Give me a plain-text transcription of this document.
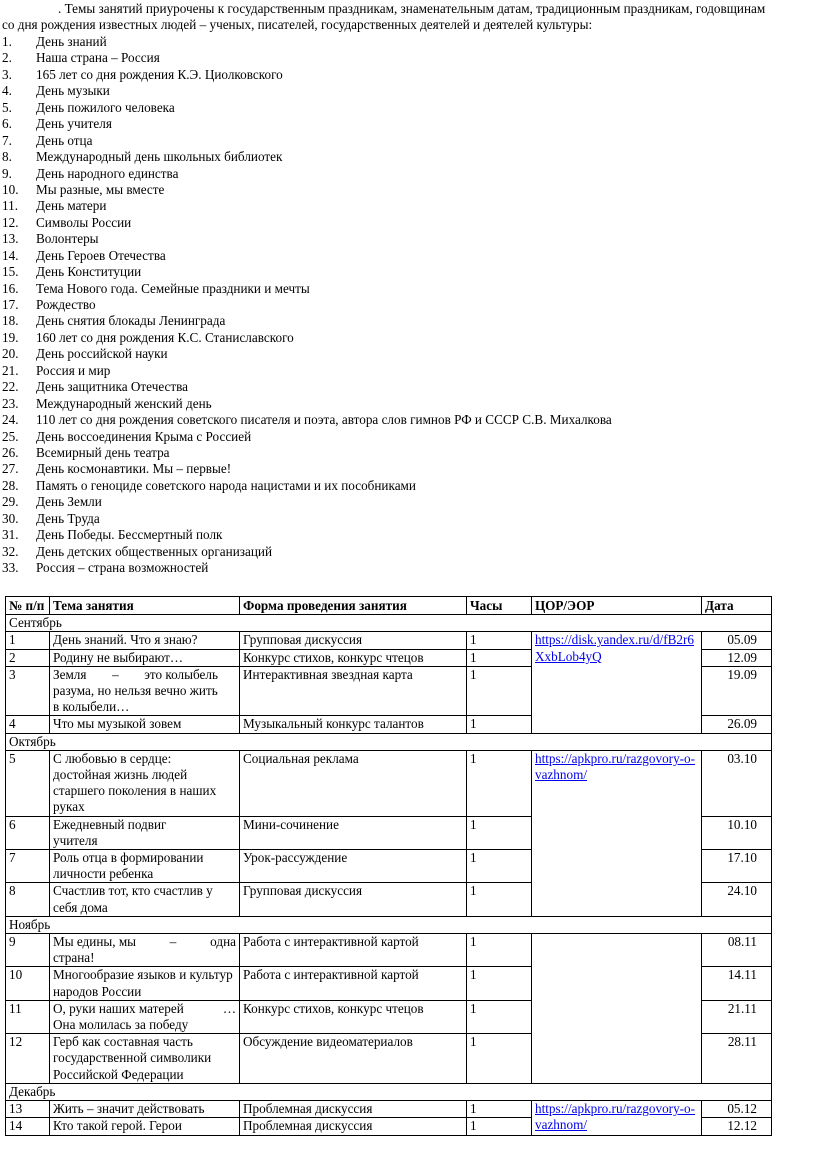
. Темы занятий приурочены к государственным праздникам, знаменательным датам, традиционным праздникам, годовщинам
со дня рождения известных людей – ученых, писателей, государственных деятелей и деятелей культуры:
1. День знаний
2. Наша страна – Россия
3. 165 лет со дня рождения К.Э. Циолковского
4. День музыки
5. День пожилого человека
6. День учителя
7. День отца
8. Международный день школьных библиотек
9. День народного единства
10. Мы разные, мы вместе
11. День матери
12. Символы России
13. Волонтеры
14. День Героев Отечества
15. День Конституции
16. Тема Нового года. Семейные праздники и мечты
17. Рождество
18. День снятия блокады Ленинграда
19. 160 лет со дня рождения К.С. Станиславского
20. День российской науки
21. Россия и мир
22. День защитника Отечества
23. Международный женский день
24. 110 лет со дня рождения советского писателя и поэта, автора слов гимнов РФ и СССР С.В. Михалкова
25. День воссоединения Крыма с Россией
26. Всемирный день театра
27. День космонавтики. Мы – первые!
28. Память о геноциде советского народа нацистами и их пособниками
29. День Земли
30. День Труда
31. День Победы. Бессмертный полк
32. День детских общественных организаций
33. Россия – страна возможностей
№ п/п	Тема занятия	Форма проведения занятия	Часы	ЦОР/ЭОР	Дата
Сентябрь					
1	День знаний. Что я знаю?	Групповая дискуссия	1	https://disk.yandex.ru/d/fB2r6XxbLob4yQ	05.09
2	Родину не выбирают…	Конкурс стихов, конкурс чтецов	1		12.09
3	Земля – это колыбель
разума, но нельзя вечно жить в колыбели…	Интерактивная звездная карта	1		19.09
4	Что мы музыкой зовем	Музыкальный конкурс талантов	1		26.09
Октябрь					
5	С любовью в сердце: достойная жизнь людей старшего поколения в наших руках	Социальная реклама	1	https://apkpro.ru/razgovory-o-vazhnom/	03.10
6	Ежедневный подвиг учителя	Мини-сочинение	1		10.10
7	Роль отца в формировании личности ребенка	Урок-рассуждение	1		17.10
8	Счастлив тот, кто счастлив у себя дома	Групповая дискуссия	1		24.10
Ноябрь					
9	Мы едины, мы – одна
страна!	Работа с интерактивной картой	1		08.11
10	Многообразие языков и культур народов России	Работа с интерактивной картой	1		14.11
11	О, руки наших матерей …
Она молилась за победу	Конкурс стихов, конкурс чтецов	1		21.11
12	Герб как составная часть государственной символики Российской Федерации	Обсуждение видеоматериалов	1		28.11
Декабрь					
13	Жить – значит действовать	Проблемная дискуссия	1	https://apkpro.ru/razgovory-o-vazhnom/	05.12
14	Кто такой герой. Герои	Проблемная дискуссия	1		12.12
